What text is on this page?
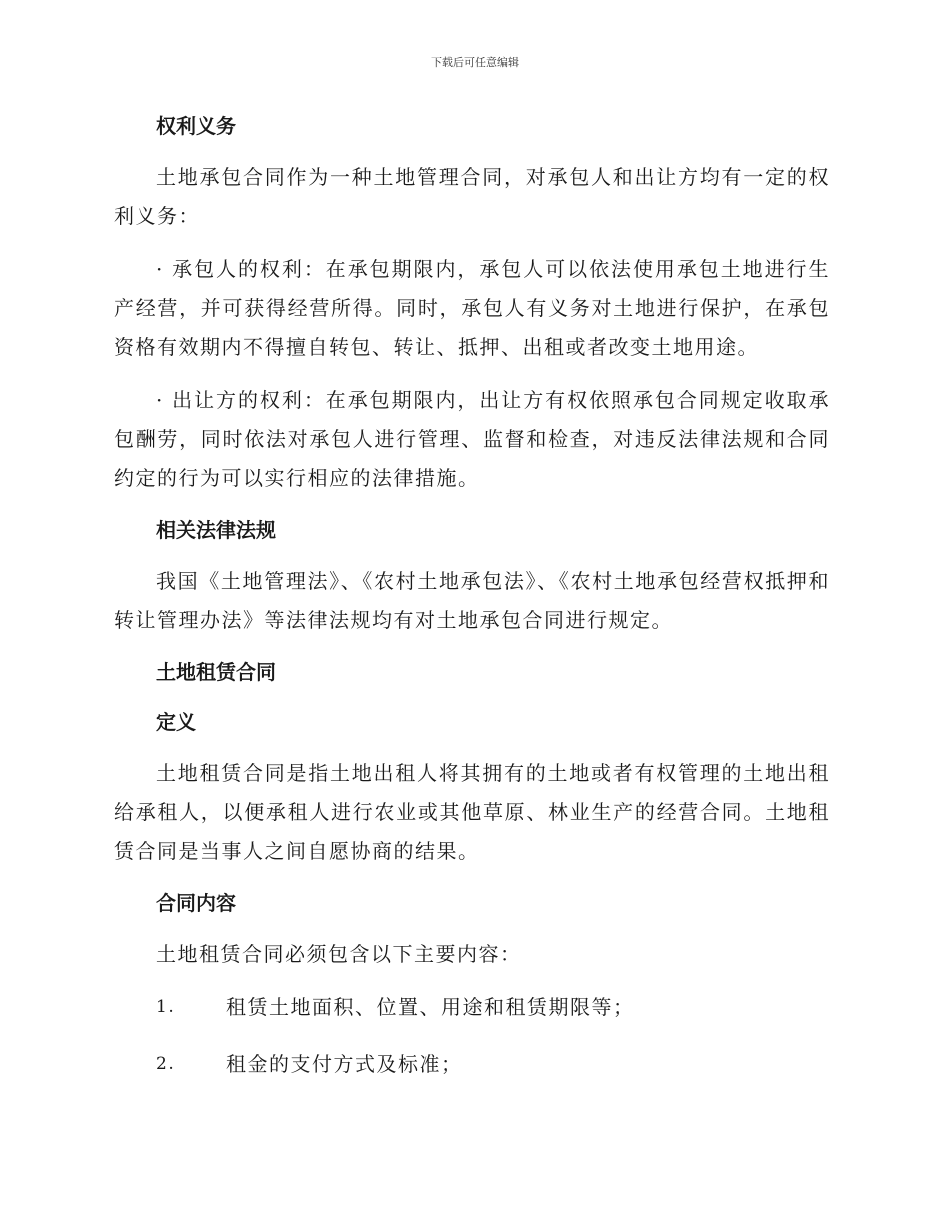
下载后可任意编辑
权利义务

土地承包合同作为一种土地管理合同，对承包人和出让方均有一定的权利义务：

· 承包人的权利：在承包期限内，承包人可以依法使用承包土地进行生产经营，并可获得经营所得。同时，承包人有义务对土地进行保护，在承包资格有效期内不得擅自转包、转让、抵押、出租或者改变土地用途。

· 出让方的权利：在承包期限内，出让方有权依照承包合同规定收取承包酬劳，同时依法对承包人进行管理、监督和检查，对违反法律法规和合同约定的行为可以实行相应的法律措施。

相关法律法规

我国《土地管理法》、《农村土地承包法》、《农村土地承包经营权抵押和转让管理办法》等法律法规均有对土地承包合同进行规定。

土地租赁合同
定义

土地租赁合同是指土地出租人将其拥有的土地或者有权管理的土地出租给承租人，以便承租人进行农业或其他草原、林业生产的经营合同。土地租赁合同是当事人之间自愿协商的结果。

合同内容

土地租赁合同必须包含以下主要内容：

1.	租赁土地面积、位置、用途和租赁期限等；
2.	租金的支付方式及标准；
